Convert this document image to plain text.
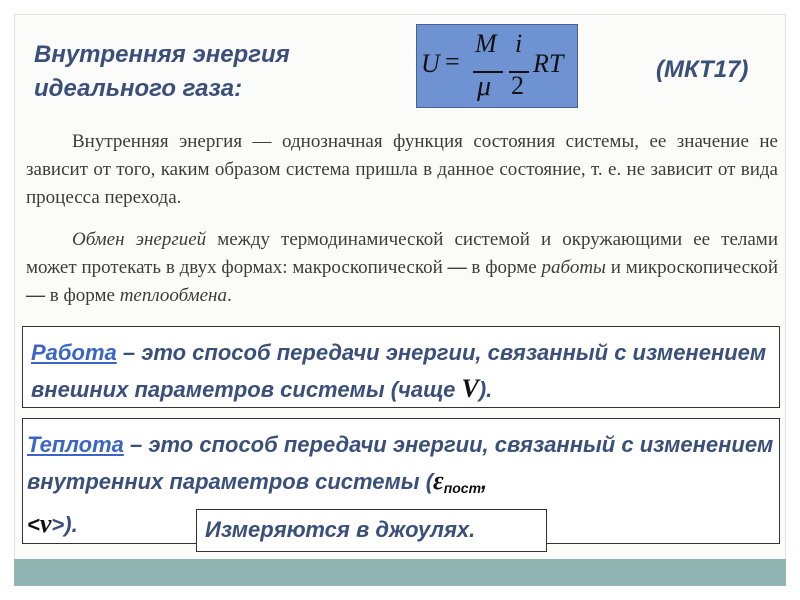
Внутренняя энергия
идеального газа:
U =
M
μ
i
2
RT	(МКТ17)
Внутренняя энергия — однозначная функция состояния системы, ее значение не зависит от того, каким образом система пришла в данное состояние, т. е. не зависит от вида процесса перехода.
Обмен энергией между термодинамической системой и окружающими ее телами может протекать в двух формах: макроскопической — в форме работы и микроскопической — в форме теплообмена.
Работа – это способ передачи энергии, связанный с изменением внешних параметров системы (чаще V).
Теплота – это способ передачи энергии, связанный с изменением внутренних параметров системы ($\varepsilon_{пост}$,
<ν>).	Измеряются в джоулях.
